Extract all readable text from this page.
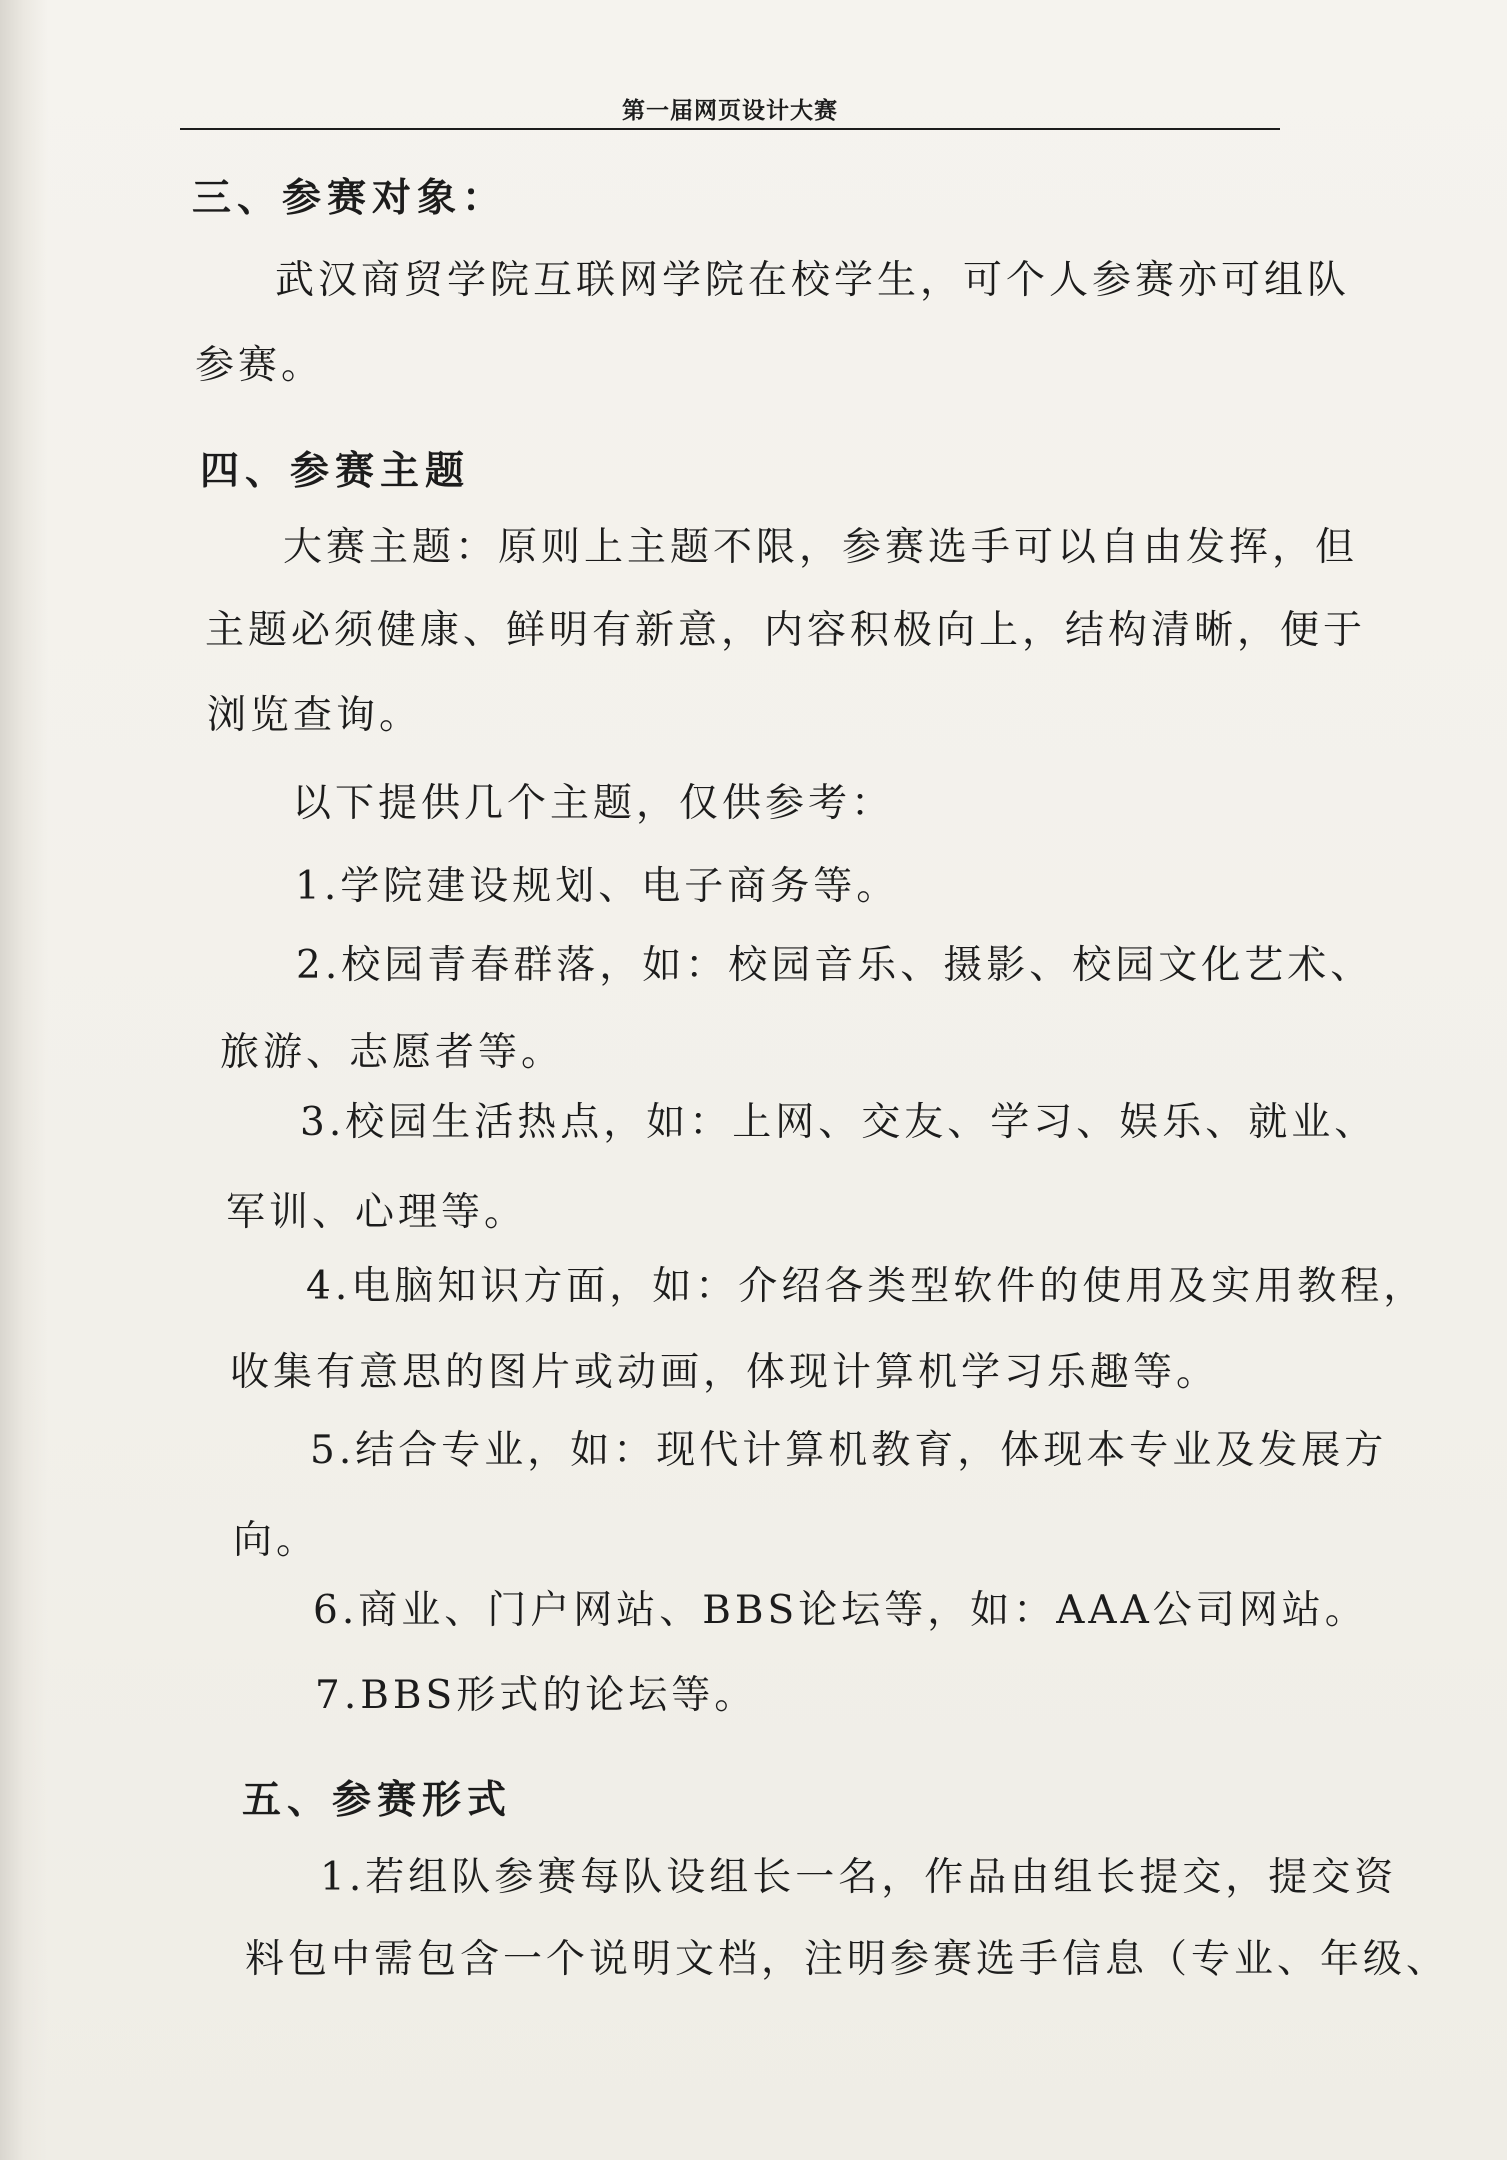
第一届网页设计大赛
三、参赛对象：
武汉商贸学院互联网学院在校学生，可个人参赛亦可组队
参赛。
四、参赛主题
大赛主题：原则上主题不限，参赛选手可以自由发挥，但
主题必须健康、鲜明有新意，内容积极向上，结构清晰，便于
浏览查询。
以下提供几个主题，仅供参考：
1.学院建设规划、电子商务等。
2.校园青春群落，如：校园音乐、摄影、校园文化艺术、
旅游、志愿者等。
3.校园生活热点，如：上网、交友、学习、娱乐、就业、
军训、心理等。
4.电脑知识方面，如：介绍各类型软件的使用及实用教程，
收集有意思的图片或动画，体现计算机学习乐趣等。
5.结合专业，如：现代计算机教育，体现本专业及发展方
向。
6.商业、门户网站、BBS论坛等，如：AAA公司网站。
7.BBS形式的论坛等。
五、参赛形式
1.若组队参赛每队设组长一名，作品由组长提交，提交资
料包中需包含一个说明文档，注明参赛选手信息（专业、年级、
